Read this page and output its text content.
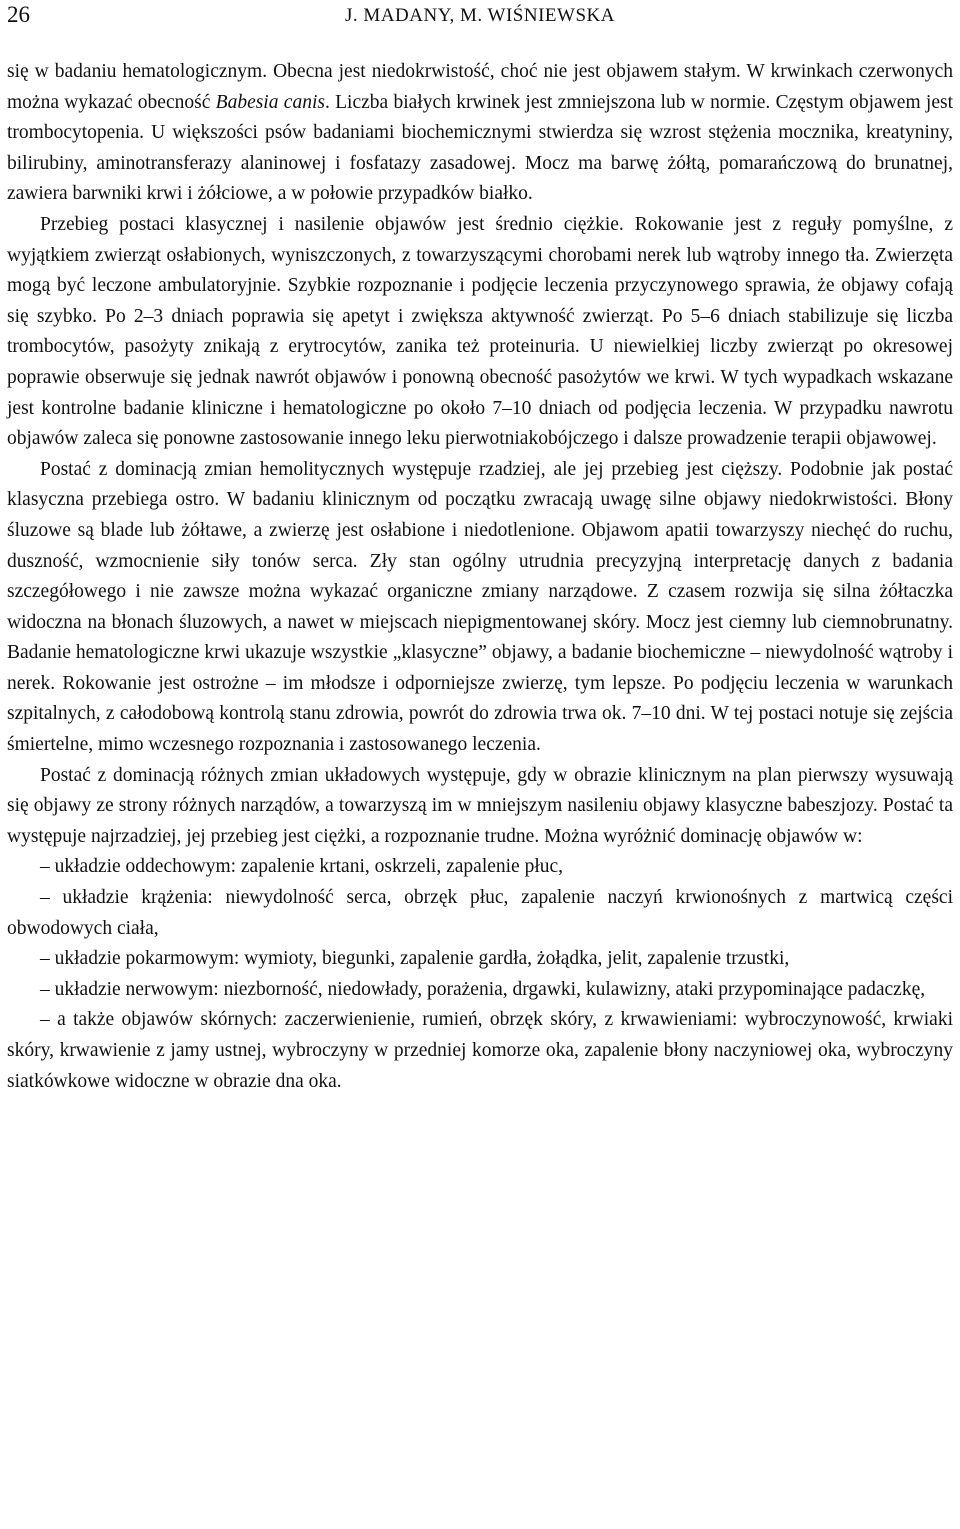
26	J. MADANY, M. WIŚNIEWSKA

się w badaniu hematologicznym. Obecna jest niedokrwistość, choć nie jest objawem stałym. W krwinkach czerwonych można wykazać obecność Babesia canis. Liczba białych krwinek jest zmniejszona lub w normie. Częstym objawem jest trombocytopenia. U większości psów badaniami biochemicznymi stwierdza się wzrost stężenia mocznika, kreatyniny, bilirubiny, aminotransferazy alaninowej i fosfatazy zasadowej. Mocz ma barwę żółtą, pomarańczową do brunatnej, zawiera barwniki krwi i żółciowe, a w połowie przypadków białko.

Przebieg postaci klasycznej i nasilenie objawów jest średnio ciężkie. Rokowanie jest z reguły pomyślne, z wyjątkiem zwierząt osłabionych, wyniszczonych, z towarzyszącymi chorobami nerek lub wątroby innego tła. Zwierzęta mogą być leczone ambulatoryjnie. Szybkie rozpoznanie i podjęcie leczenia przyczynowego sprawia, że objawy cofają się szybko. Po 2–3 dniach poprawia się apetyt i zwiększa aktywność zwierząt. Po 5–6 dniach stabilizuje się liczba trombocytów, pasożyty znikają z erytrocytów, zanika też proteinuria. U niewielkiej liczby zwierząt po okresowej poprawie obserwuje się jednak nawrót objawów i ponowną obecność pasożytów we krwi. W tych wypadkach wskazane jest kontrolne badanie kliniczne i hematologiczne po około 7–10 dniach od podjęcia leczenia. W przypadku nawrotu objawów zaleca się ponowne zastosowanie innego leku pierwotniakobójczego i dalsze prowadzenie terapii objawowej.

Postać z dominacją zmian hemolitycznych występuje rzadziej, ale jej przebieg jest cięższy. Podobnie jak postać klasyczna przebiega ostro. W badaniu klinicznym od początku zwracają uwagę silne objawy niedokrwistości. Błony śluzowe są blade lub żółtawe, a zwierzę jest osłabione i niedotlenione. Objawom apatii towarzyszy niechęć do ruchu, duszność, wzmocnienie siły tonów serca. Zły stan ogólny utrudnia precyzyjną interpretację danych z badania szczegółowego i nie zawsze można wykazać organiczne zmiany narządowe. Z czasem rozwija się silna żółtaczka widoczna na błonach śluzowych, a nawet w miejscach niepigmentowanej skóry. Mocz jest ciemny lub ciemnobrunatny. Badanie hematologiczne krwi ukazuje wszystkie „klasyczne” objawy, a badanie biochemiczne – niewydolność wątroby i nerek. Rokowanie jest ostrożne – im młodsze i odporniejsze zwierzę, tym lepsze. Po podjęciu leczenia w warunkach szpitalnych, z całodobową kontrolą stanu zdrowia, powrót do zdrowia trwa ok. 7–10 dni. W tej postaci notuje się zejścia śmiertelne, mimo wczesnego rozpoznania i zastosowanego leczenia.

Postać z dominacją różnych zmian układowych występuje, gdy w obrazie klinicznym na plan pierwszy wysuwają się objawy ze strony różnych narządów, a towarzyszą im w mniejszym nasileniu objawy klasyczne babeszjozy. Postać ta występuje najrzadziej, jej przebieg jest ciężki, a rozpoznanie trudne. Można wyróżnić dominację objawów w:

– układzie oddechowym: zapalenie krtani, oskrzeli, zapalenie płuc,

– układzie krążenia: niewydolność serca, obrzęk płuc, zapalenie naczyń krwionośnych z martwicą części obwodowych ciała,

– układzie pokarmowym: wymioty, biegunki, zapalenie gardła, żołądka, jelit, zapalenie trzustki,

– układzie nerwowym: niezborność, niedowłady, porażenia, drgawki, kulawizny, ataki przypominające padaczkę,

– a także objawów skórnych: zaczerwienienie, rumień, obrzęk skóry, z krwawieniami: wybroczynowość, krwiaki skóry, krwawienie z jamy ustnej, wybroczyny w przedniej komorze oka, zapalenie błony naczyniowej oka, wybroczyny siatkówkowe widoczne w obrazie dna oka.
